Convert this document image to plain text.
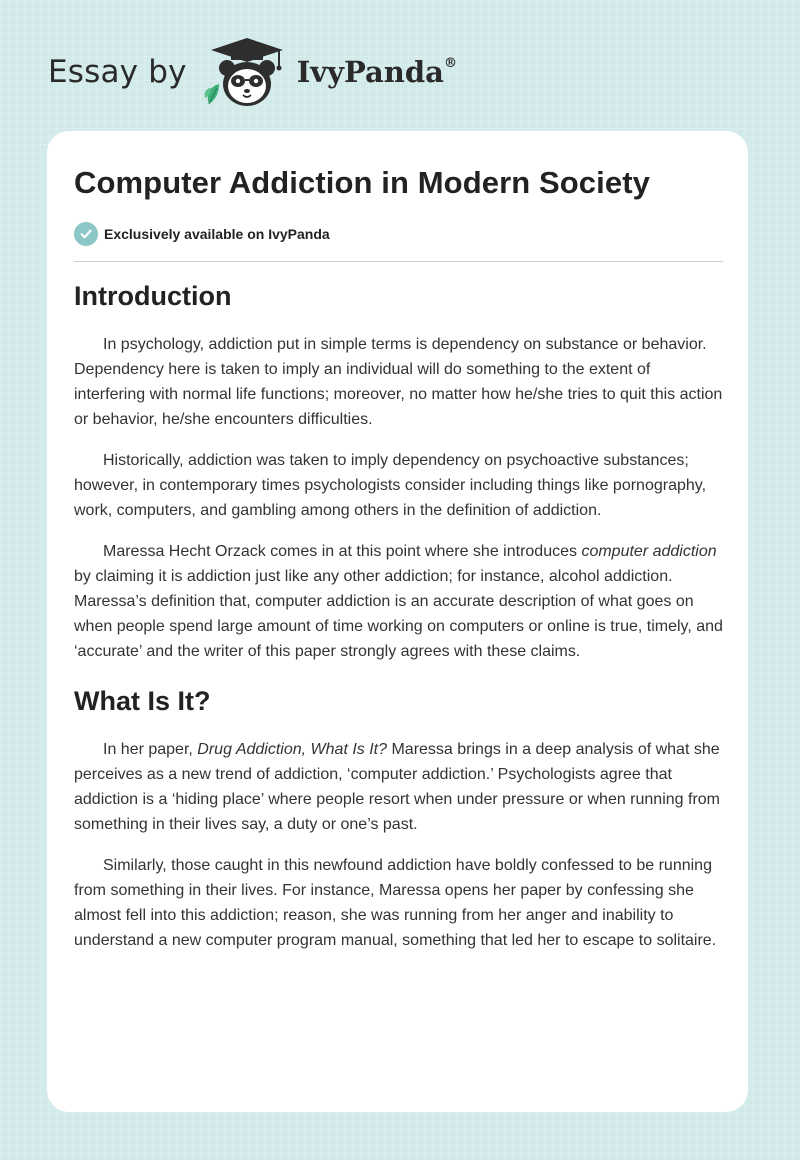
Essay by	IvyPanda®
Computer Addiction in Modern Society
Exclusively available on IvyPanda
Introduction

In psychology, addiction put in simple terms is dependency on substance or behavior. Dependency here is taken to imply an individual will do something to the extent of interfering with normal life functions; moreover, no matter how he/she tries to quit this action or behavior, he/she encounters difficulties.

Historically, addiction was taken to imply dependency on psychoactive substances; however, in contemporary times psychologists consider including things like pornography, work, computers, and gambling among others in the definition of addiction.

Maressa Hecht Orzack comes in at this point where she introduces computer addiction by claiming it is addiction just like any other addiction; for instance, alcohol addiction. Maressa’s definition that, computer addiction is an accurate description of what goes on when people spend large amount of time working on computers or online is true, timely, and ‘accurate’ and the writer of this paper strongly agrees with these claims.

What Is It?

In her paper, Drug Addiction, What Is It? Maressa brings in a deep analysis of what she perceives as a new trend of addiction, ‘computer addiction.’ Psychologists agree that addiction is a ‘hiding place’ where people resort when under pressure or when running from something in their lives say, a duty or one’s past.

Similarly, those caught in this newfound addiction have boldly confessed to be running from something in their lives. For instance, Maressa opens her paper by confessing she almost fell into this addiction; reason, she was running from her anger and inability to understand a new computer program manual, something that led her to escape to solitaire.
